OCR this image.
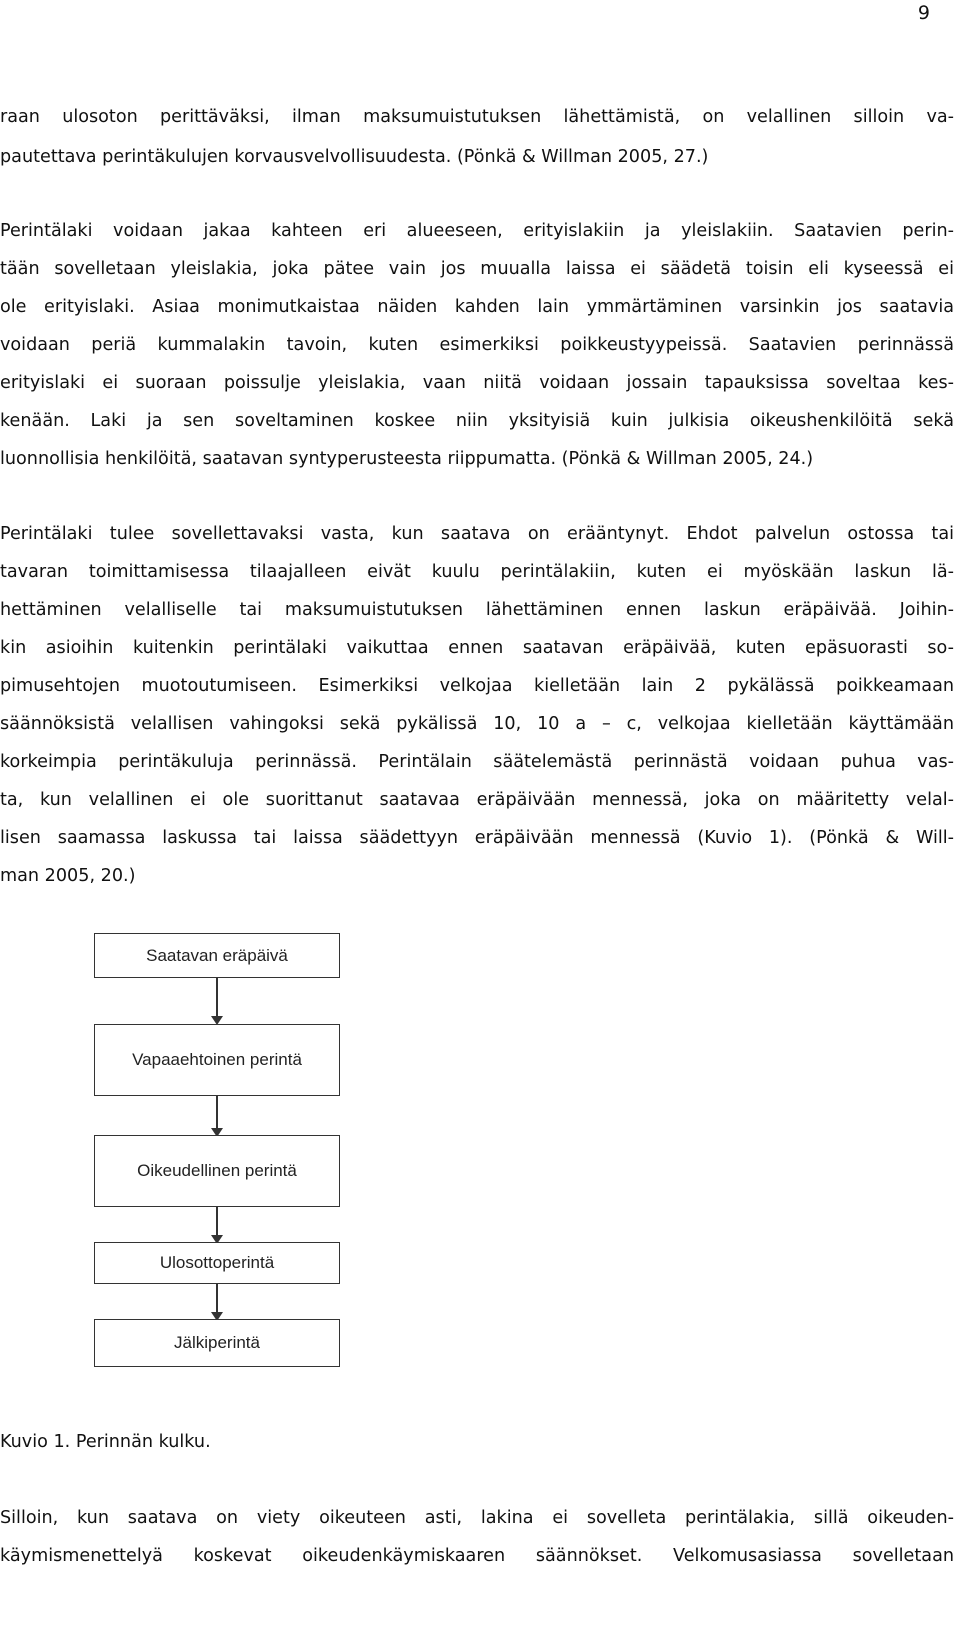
9
raan ulosoton perittäväksi, ilman maksumuistutuksen lähettämistä, on velallinen silloin va-
pautettava perintäkulujen korvausvelvollisuudesta. (Pönkä & Willman 2005, 27.)
Perintälaki voidaan jakaa kahteen eri alueeseen, erityislakiin ja yleislakiin. Saatavien perin-
tään sovelletaan yleislakia, joka pätee vain jos muualla laissa ei säädetä toisin eli kyseessä ei
ole erityislaki. Asiaa monimutkaistaa näiden kahden lain ymmärtäminen varsinkin jos saatavia
voidaan periä kummalakin tavoin, kuten esimerkiksi poikkeustyypeissä. Saatavien perinnässä
erityislaki ei suoraan poissulje yleislakia, vaan niitä voidaan jossain tapauksissa soveltaa kes-
kenään. Laki ja sen soveltaminen koskee niin yksityisiä kuin julkisia oikeushenkilöitä sekä
luonnollisia henkilöitä, saatavan syntyperusteesta riippumatta. (Pönkä & Willman 2005, 24.)
Perintälaki tulee sovellettavaksi vasta, kun saatava on erääntynyt. Ehdot palvelun ostossa tai
tavaran toimittamisessa tilaajalleen eivät kuulu perintälakiin, kuten ei myöskään laskun lä-
hettäminen velalliselle tai maksumuistutuksen lähettäminen ennen laskun eräpäivää. Joihin-
kin asioihin kuitenkin perintälaki vaikuttaa ennen saatavan eräpäivää, kuten epäsuorasti so-
pimusehtojen muotoutumiseen. Esimerkiksi velkojaa kielletään lain 2 pykälässä poikkeamaan
säännöksistä velallisen vahingoksi sekä pykälissä 10, 10 a – c, velkojaa kielletään käyttämään
korkeimpia perintäkuluja perinnässä. Perintälain säätelemästä perinnästä voidaan puhua vas-
ta, kun velallinen ei ole suorittanut saatavaa eräpäivään mennessä, joka on määritetty velal-
lisen saamassa laskussa tai laissa säädettyyn eräpäivään mennessä (Kuvio 1). (Pönkä & Will-
man 2005, 20.)
Saatavan eräpäivä
Vapaaehtoinen perintä
Oikeudellinen perintä
Ulosottoperintä
Jälkiperintä
Kuvio 1. Perinnän kulku.
Silloin, kun saatava on viety oikeuteen asti, lakina ei sovelleta perintälakia, sillä oikeuden-
käymismenettelyä koskevat oikeudenkäymiskaaren säännökset. Velkomusasiassa sovelletaan
